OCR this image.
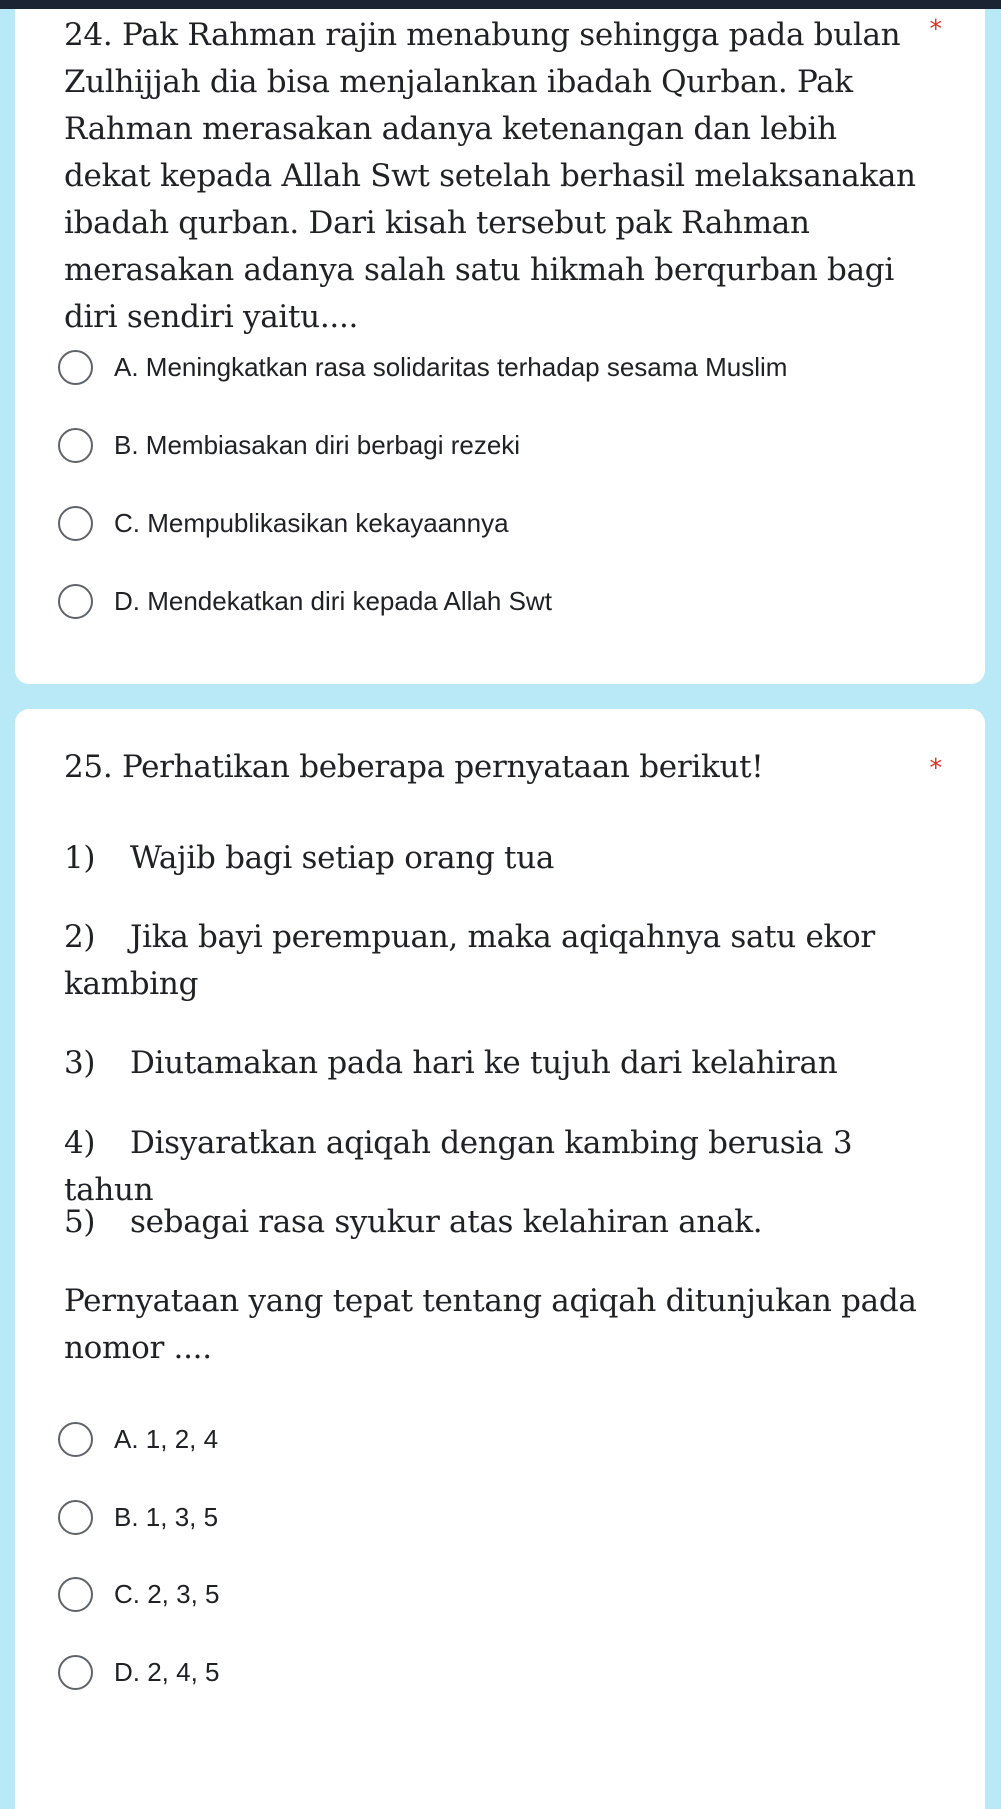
24. Pak Rahman rajin menabung sehingga pada bulan Zulhijjah dia bisa menjalankan ibadah Qurban. Pak Rahman merasakan adanya ketenangan dan lebih dekat kepada Allah Swt setelah berhasil melaksanakan ibadah qurban. Dari kisah tersebut pak Rahman merasakan adanya salah satu hikmah berqurban bagi diri sendiri yaitu....
*
A. Meningkatkan rasa solidaritas terhadap sesama Muslim
B. Membiasakan diri berbagi rezeki
C. Mempublikasikan kekayaannya
D. Mendekatkan diri kepada Allah Swt
25. Perhatikan beberapa pernyataan berikut!	*
1) Wajib bagi setiap orang tua
2) Jika bayi perempuan, maka aqiqahnya satu ekor kambing
3) Diutamakan pada hari ke tujuh dari kelahiran
4) Disyaratkan aqiqah dengan kambing berusia 3 tahun
5) sebagai rasa syukur atas kelahiran anak.
Pernyataan yang tepat tentang aqiqah ditunjukan pada nomor ....
A. 1, 2, 4
B. 1, 3, 5
C. 2, 3, 5
D. 2, 4, 5
